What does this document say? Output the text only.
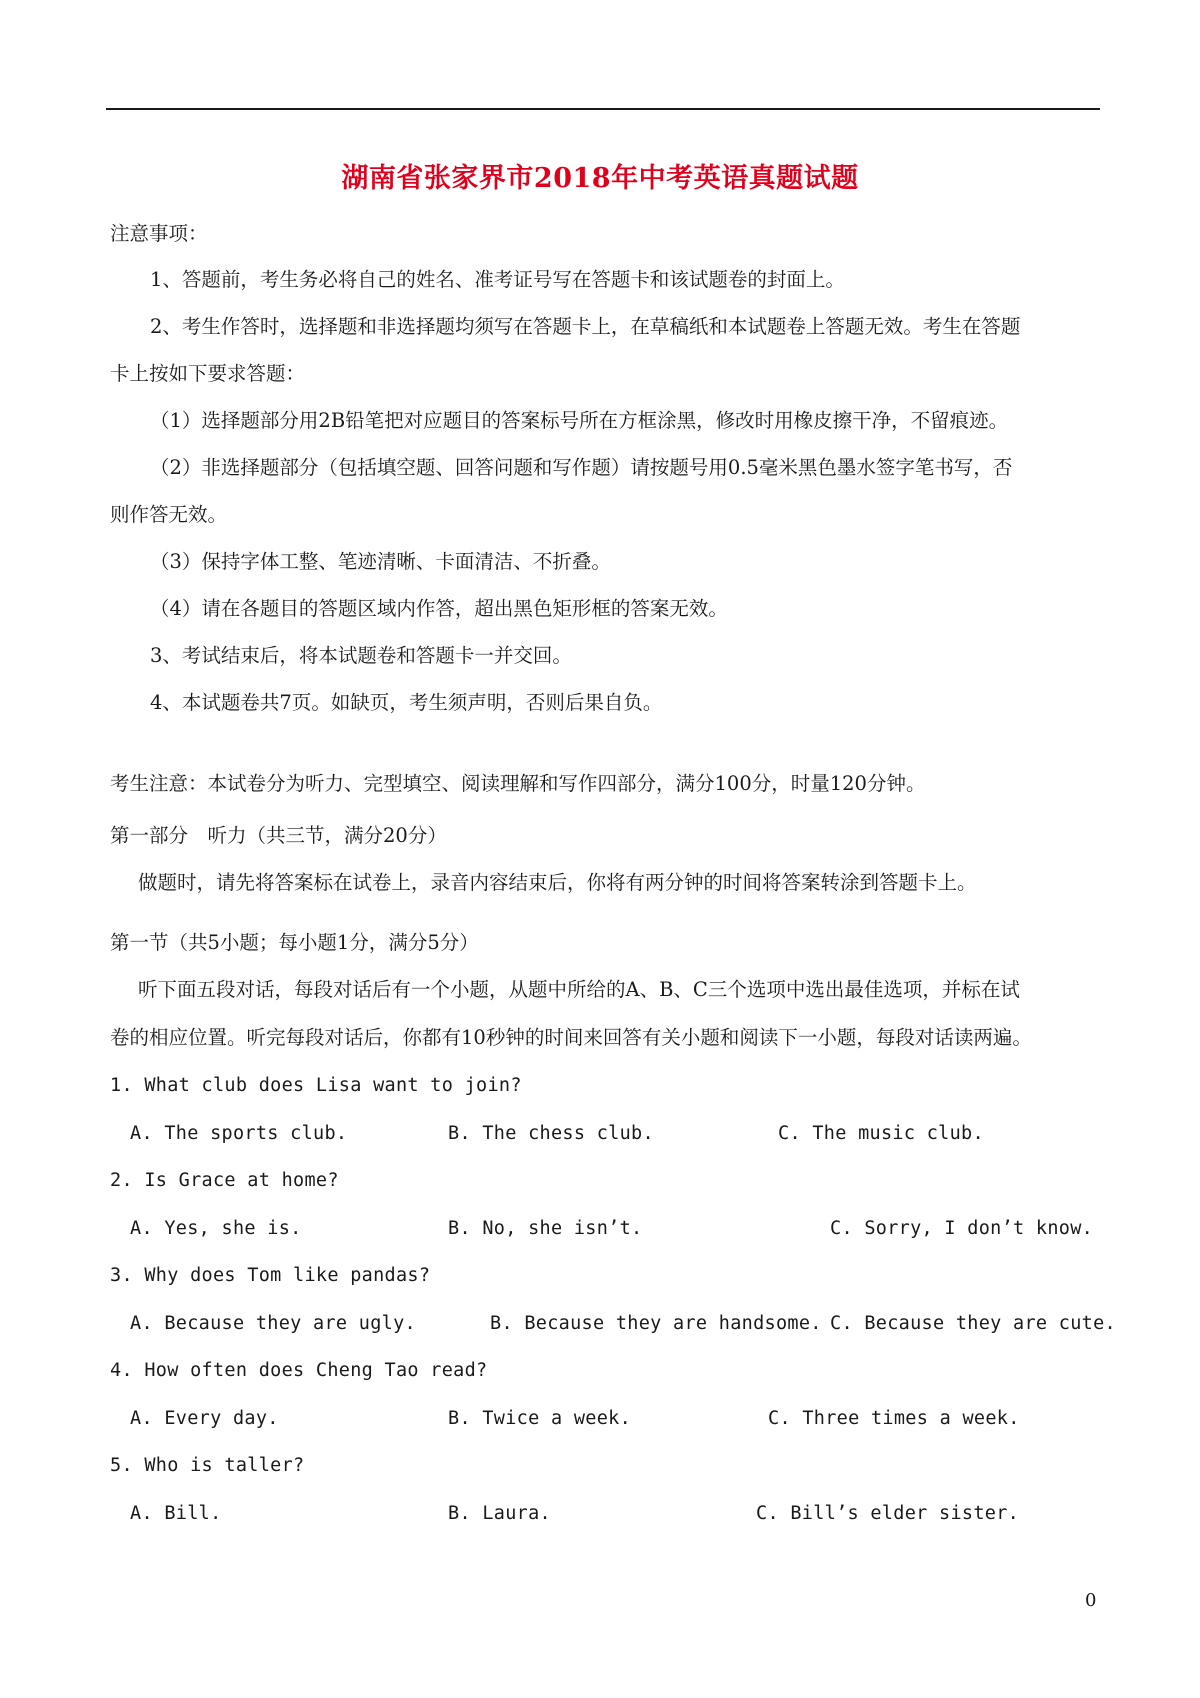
湖南省张家界市2018年中考英语真题试题
注意事项：
1、答题前，考生务必将自己的姓名、准考证号写在答题卡和该试题卷的封面上。
2、考生作答时，选择题和非选择题均须写在答题卡上，在草稿纸和本试题卷上答题无效。考生在答题
卡上按如下要求答题：
（1）选择题部分用2B铅笔把对应题目的答案标号所在方框涂黑，修改时用橡皮擦干净，不留痕迹。
（2）非选择题部分（包括填空题、回答问题和写作题）请按题号用0.5毫米黑色墨水签字笔书写，否
则作答无效。
（3）保持字体工整、笔迹清晰、卡面清洁、不折叠。
（4）请在各题目的答题区域内作答，超出黑色矩形框的答案无效。
3、考试结束后，将本试题卷和答题卡一并交回。
4、本试题卷共7页。如缺页，考生须声明，否则后果自负。
考生注意：本试卷分为听力、完型填空、阅读理解和写作四部分，满分100分，时量120分钟。
第一部分　听力（共三节，满分20分）
做题时，请先将答案标在试卷上，录音内容结束后，你将有两分钟的时间将答案转涂到答题卡上。
第一节（共5小题；每小题1分，满分5分）
听下面五段对话，每段对话后有一个小题，从题中所给的A、B、C三个选项中选出最佳选项，并标在试
卷的相应位置。听完每段对话后，你都有10秒钟的时间来回答有关小题和阅读下一小题，每段对话读两遍。
1. What club does Lisa want to join?
A. The sports club.	B. The chess club.	C. The music club.
2. Is Grace at home?
A. Yes, she is.	B. No, she isn’t.	C. Sorry, I don’t know.
3. Why does Tom like pandas?
A. Because they are ugly.	B. Because they are handsome. C. Because they are cute.
4. How often does Cheng Tao read?
A. Every day.	B. Twice a week.	C. Three times a week.
5. Who is taller?
A. Bill.	B. Laura.	C. Bill’s elder sister.
0
